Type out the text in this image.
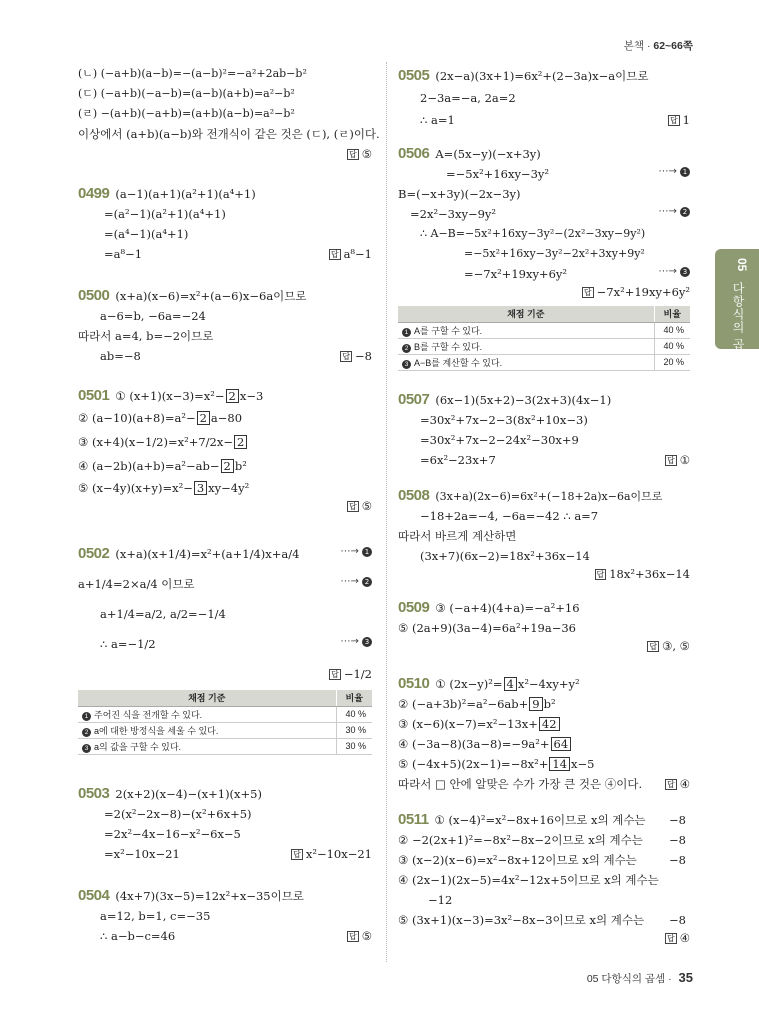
본책 · 62~66쪽
05
다항식의 곱셈
(ㄴ) (−a+b)(a−b)=−(a−b)²=−a²+2ab−b²
(ㄷ) (−a+b)(−a−b)=(a−b)(a+b)=a²−b²
(ㄹ) −(a+b)(−a+b)=(a+b)(a−b)=a²−b²
이상에서 (a+b)(a−b)와 전개식이 같은 것은 (ㄷ), (ㄹ)이다.
답 ⑤
0499 (a−1)(a+1)(a²+1)(a⁴+1)
=(a²−1)(a²+1)(a⁴+1)
=(a⁴−1)(a⁴+1)
=a⁸−1	답 a⁸−1
0500 (x+a)(x−6)=x²+(a−6)x−6a이므로
a−6=b, −6a=−24
따라서 a=4, b=−2이므로
ab=−8	답 −8
0501 ① (x+1)(x−3)=x²− 2 x−3
② (a−10)(a+8)=a²− 2 a−80
③ (x+4)(x−1/2)=x²+7/2x− 2
④ (a−2b)(a+b)=a²−ab− 2 b²
⑤ (x−4y)(x+y)=x²− 3 xy−4y²
답 ⑤
0502 (x+a)(x+1/4)=x²+(a+1/4)x+a/4	⋯→ 1
a+1/4=2×a/4 이므로	⋯→ 2
a+1/4=a/2, a/2=−1/4
∴ a=−1/2	⋯→ 3
답 −1/2
채점 기준	비율
1 주어진 식을 전개할 수 있다.	40 %
2 a에 대한 방정식을 세울 수 있다.	30 %
3 a의 값을 구할 수 있다.	30 %
0503 2(x+2)(x−4)−(x+1)(x+5)
=2(x²−2x−8)−(x²+6x+5)
=2x²−4x−16−x²−6x−5
=x²−10x−21	답 x²−10x−21
0504 (4x+7)(3x−5)=12x²+x−35이므로
a=12, b=1, c=−35
∴ a−b−c=46	답 ⑤
0505 (2x−a)(3x+1)=6x²+(2−3a)x−a이므로
2−3a=−a, 2a=2
∴ a=1	답 1
0506 A=(5x−y)(−x+3y)
=−5x²+16xy−3y²	⋯→ 1
B=(−x+3y)(−2x−3y)
=2x²−3xy−9y²	⋯→ 2
∴ A−B=−5x²+16xy−3y²−(2x²−3xy−9y²)
=−5x²+16xy−3y²−2x²+3xy+9y²
=−7x²+19xy+6y²	⋯→ 3
답 −7x²+19xy+6y²
채점 기준	비율
1 A를 구할 수 있다.	40 %
2 B를 구할 수 있다.	40 %
3 A−B를 계산할 수 있다.	20 %
0507 (6x−1)(5x+2)−3(2x+3)(4x−1)
=30x²+7x−2−3(8x²+10x−3)
=30x²+7x−2−24x²−30x+9
=6x²−23x+7	답 ①
0508 (3x+a)(2x−6)=6x²+(−18+2a)x−6a이므로
−18+2a=−4, −6a=−42 ∴ a=7
따라서 바르게 계산하면
(3x+7)(6x−2)=18x²+36x−14
답 18x²+36x−14
0509 ③ (−a+4)(4+a)=−a²+16
⑤ (2a+9)(3a−4)=6a²+19a−36
답 ③, ⑤
0510 ① (2x−y)²= 4 x²−4xy+y²
② (−a+3b)²=a²−6ab+ 9 b²
③ (x−6)(x−7)=x²−13x+ 42
④ (−3a−8)(3a−8)=−9a²+ 64
⑤ (−4x+5)(2x−1)=−8x²+ 14 x−5
따라서 □ 안에 알맞은 수가 가장 큰 것은 ④이다.	답 ④
0511 ① (x−4)²=x²−8x+16이므로 x의 계수는 −8
② −2(2x+1)²=−8x²−8x−2이므로 x의 계수는 −8
③ (x−2)(x−6)=x²−8x+12이므로 x의 계수는	−8
④ (2x−1)(2x−5)=4x²−12x+5이므로 x의 계수는
−12
⑤ (3x+1)(x−3)=3x²−8x−3이므로 x의 계수는 −8
답 ④
05 다항식의 곱셈 · 35
